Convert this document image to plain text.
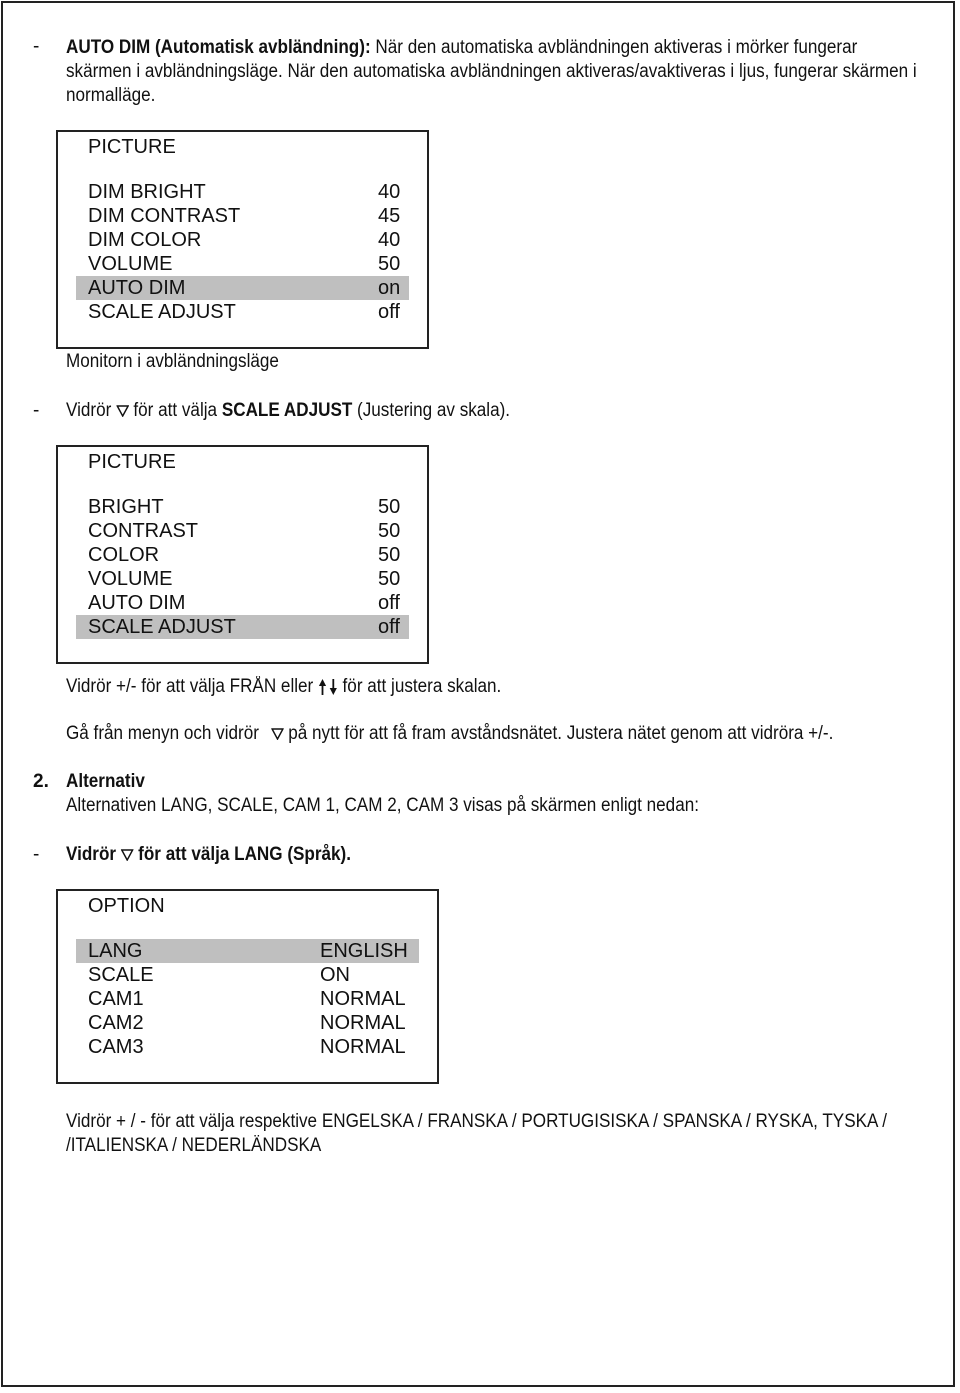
- AUTO DIM (Automatisk avbländning): När den automatiska avbländningen aktiveras i mörker fungerar
skärmen i avbländningsläge. När den automatiska avbländningen aktiveras/avaktiveras i ljus, fungerar skärmen i
normalläge.
PICTURE
DIM BRIGHT	40
DIM CONTRAST	45
DIM COLOR	40
VOLUME	50
AUTO DIM	on
SCALE ADJUST	off
Monitorn i avbländningsläge
- Vidrör för att välja SCALE ADJUST (Justering av skala).
PICTURE
BRIGHT	50
CONTRAST	50
COLOR	50
VOLUME	50
AUTO DIM	off
SCALE ADJUST	off
Vidrör +/- för att välja FRÅN eller för att justera skalan.
Gå från menyn och vidrör på nytt för att få fram avståndsnätet. Justera nätet genom att vidröra +/-.
2. Alternativ
Alternativen LANG, SCALE, CAM 1, CAM 2, CAM 3 visas på skärmen enligt nedan:
- Vidrör för att välja LANG (Språk).
OPTION
LANG	ENGLISH
SCALE	ON
CAM1	NORMAL
CAM2	NORMAL
CAM3	NORMAL
Vidrör + / - för att välja respektive ENGELSKA / FRANSKA / PORTUGISISKA / SPANSKA / RYSKA, TYSKA /
/ITALIENSKA / NEDERLÄNDSKA
